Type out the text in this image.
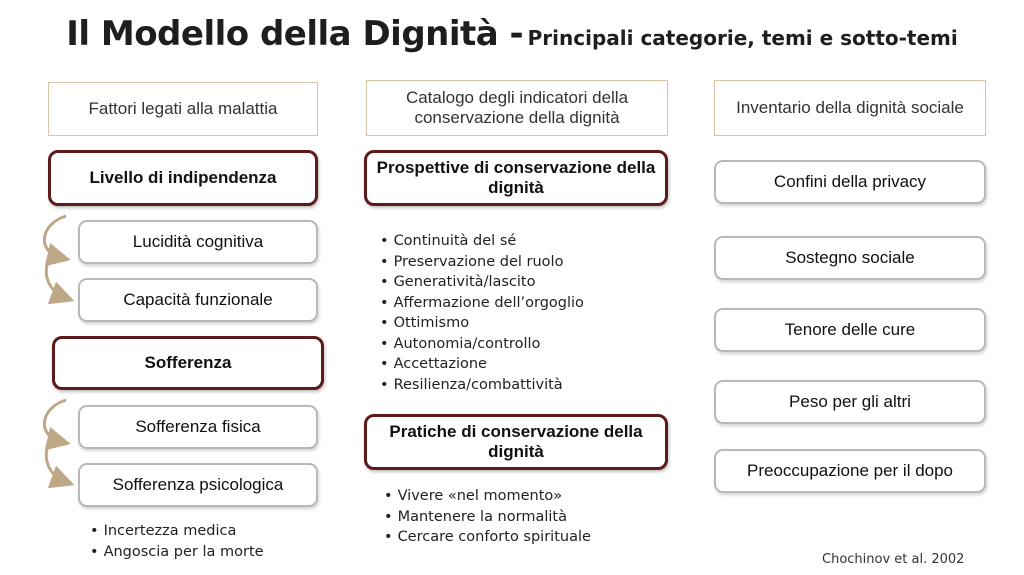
Il Modello della Dignità - Principali categorie, temi e sotto-temi
Fattori legati alla malattia
Livello di indipendenza
Lucidità cognitiva
Capacità funzionale
Sofferenza
Sofferenza fisica
Sofferenza psicologica
• Incertezza medica
• Angoscia per la morte
Catalogo degli indicatori della conservazione della dignità
Prospettive di conservazione della dignità
• Continuità del sé
• Preservazione del ruolo
• Generatività/lascito
• Affermazione dell’orgoglio
• Ottimismo
• Autonomia/controllo
• Accettazione
• Resilienza/combattività
Pratiche di conservazione della dignità
• Vivere «nel momento»
• Mantenere la normalità
• Cercare conforto spirituale
Inventario della dignità sociale
Confini della privacy
Sostegno sociale
Tenore delle cure
Peso per gli altri
Preoccupazione per il dopo
Chochinov et al. 2002
